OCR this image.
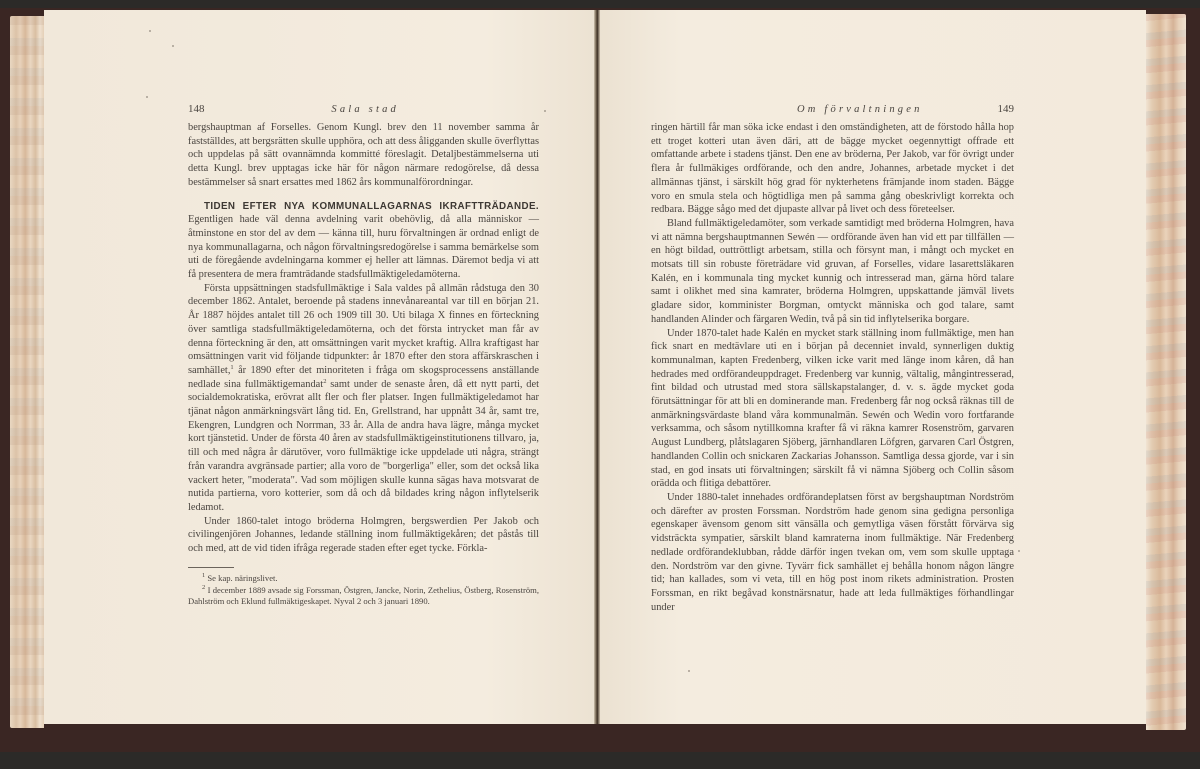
148	Sala stad

bergshauptman af Forselles. Genom Kungl. brev den 11 november samma år fastställdes, att bergsrätten skulle upphöra, och att dess åligganden skulle överflyttas och uppdelas på sätt ovannämnda kommitté föreslagit. Detaljbestämmelserna uti detta Kungl. brev upptagas icke här för någon närmare redogörelse, då dessa bestämmelser så snart ersattes med 1862 års kommunalförordningar.

TIDEN EFTER NYA KOMMUNALLAGARNAS IKRAFTTRÄDANDE. Egentligen hade väl denna avdelning varit obehövlig, då alla människor — åtminstone en stor del av dem — känna till, huru förvaltningen är ordnad enligt de nya kommunallagarna, och någon förvaltningsredogörelse i samma bemärkelse som uti de föregående avdelningarna kommer ej heller att lämnas. Däremot bedja vi att få presentera de mera framträdande stadsfullmäktigeledamöterna.

Första uppsättningen stadsfullmäktige i Sala valdes på allmän rådstuga den 30 december 1862. Antalet, beroende på stadens innevånareantal var till en början 21. År 1887 höjdes antalet till 26 och 1909 till 30. Uti bilaga X finnes en förteckning över samtliga stadsfullmäktigeledamöterna, och det första intrycket man får av denna förteckning är den, att omsättningen varit mycket kraftig. Allra kraftigast har omsättningen varit vid följande tidpunkter: år 1870 efter den stora affärskraschen i samhället,$^1$ år 1890 efter det minoriteten i fråga om skogsprocessens anställande nedlade sina fullmäktigemandat$^2$ samt under de senaste åren, då ett nytt parti, det socialdemokratiska, erövrat allt fler och fler platser. Ingen fullmäktigeledamot har tjänat någon anmärkningsvärt lång tid. En, Grellstrand, har uppnått 34 år, samt tre, Ekengren, Lundgren och Norrman, 33 år. Alla de andra hava lägre, många mycket kort tjänstetid. Under de första 40 åren av stadsfullmäktigeinstitutionens tillvaro, ja, till och med några år därutöver, voro fullmäktige icke uppdelade uti några, strängt från varandra avgränsade partier; alla voro de "borgerliga" eller, som det också lika vackert heter, "moderata". Vad som möjligen skulle kunna sägas hava motsvarat de nutida partierna, voro kotterier, som då och då bildades kring någon inflytelserik ledamot.

Under 1860-talet intogo bröderna Holmgren, bergswerdien Per Jakob och civilingenjören Johannes, ledande ställning inom fullmäktigekåren; det påstås till och med, att de vid tiden ifråga regerade staden efter eget tycke. Förkla-

$^1$ Se kap. näringslivet.

$^2$ I december 1889 avsade sig Forssman, Östgren, Jancke, Norin, Zethelius, Östberg, Rosenström, Dahlström och Eklund fullmäktigeskapet. Nyval 2 och 3 januari 1890.

Om förvaltningen	149

ringen härtill får man söka icke endast i den omständigheten, att de förstodo hålla hop ett troget kotteri utan även däri, att de bägge mycket oegennyttigt offrade ett omfattande arbete i stadens tjänst. Den ene av bröderna, Per Jakob, var för övrigt under flera år fullmäkiges ordförande, och den andre, Johannes, arbetade mycket i det allmännas tjänst, i särskilt hög grad för nykterhetens främjande inom staden. Bägge voro en smula stela och högtidliga men på samma gång obeskrivligt korrekta och redbara. Bägge sågo med det djupaste allvar på livet och dess företeelser.

Bland fullmäktigeledamöter, som verkade samtidigt med bröderna Holmgren, hava vi att nämna bergshauptmannen Sewén — ordförande även han vid ett par tillfällen — en högt bildad, outtröttligt arbetsam, stilla och försynt man, i mångt och mycket en motsats till sin robuste företrädare vid gruvan, af Forselles, vidare lasarettsläkaren Kalén, en i kommunala ting mycket kunnig och intresserad man, gärna hörd talare samt i olikhet med sina kamrater, bröderna Holmgren, uppskattande jämväl livets gladare sidor, komminister Borgman, omtyckt människa och god talare, samt handlanden Alinder och färgaren Wedin, två på sin tid inflytelserika borgare.

Under 1870-talet hade Kalén en mycket stark ställning inom fullmäktige, men han fick snart en medtävlare uti en i början på decenniet invald, synnerligen duktig kommunalman, kapten Fredenberg, vilken icke varit med länge inom kåren, då han hedrades med ordförandeuppdraget. Fredenberg var kunnig, vältalig, mångintresserad, fint bildad och utrustad med stora sällskapstalanger, d. v. s. ägde mycket goda förutsättningar för att bli en dominerande man. Fredenberg får nog också räknas till de anmärkningsvärdaste bland våra kommunalmän. Sewén och Wedin voro fortfarande verksamma, och såsom nytillkomna krafter få vi räkna kamrer Rosenström, garvaren August Lundberg, plåtslagaren Sjöberg, järnhandlaren Löfgren, garvaren Carl Östgren, handlanden Collin och snickaren Zackarias Johansson. Samtliga dessa gjorde, var i sin stad, en god insats uti förvaltningen; särskilt få vi nämna Sjöberg och Collin såsom orädda och flitiga debattörer.

Under 1880-talet innehades ordförandeplatsen först av bergshauptman Nordström och därefter av prosten Forssman. Nordström hade genom sina gedigna personliga egenskaper ävensom genom sitt vänsälla och gemytliga väsen förstått förvärva sig vidsträckta sympatier, särskilt bland kamraterna inom fullmäktige. När Fredenberg nedlade ordförandeklubban, rådde därför ingen tvekan om, vem som skulle upptaga den. Nordström var den givne. Tyvärr fick samhället ej behålla honom någon längre tid; han kallades, som vi veta, till en hög post inom rikets administration. Prosten Forssman, en rikt begåvad konstnärsnatur, hade att leda fullmäktiges förhandlingar under
